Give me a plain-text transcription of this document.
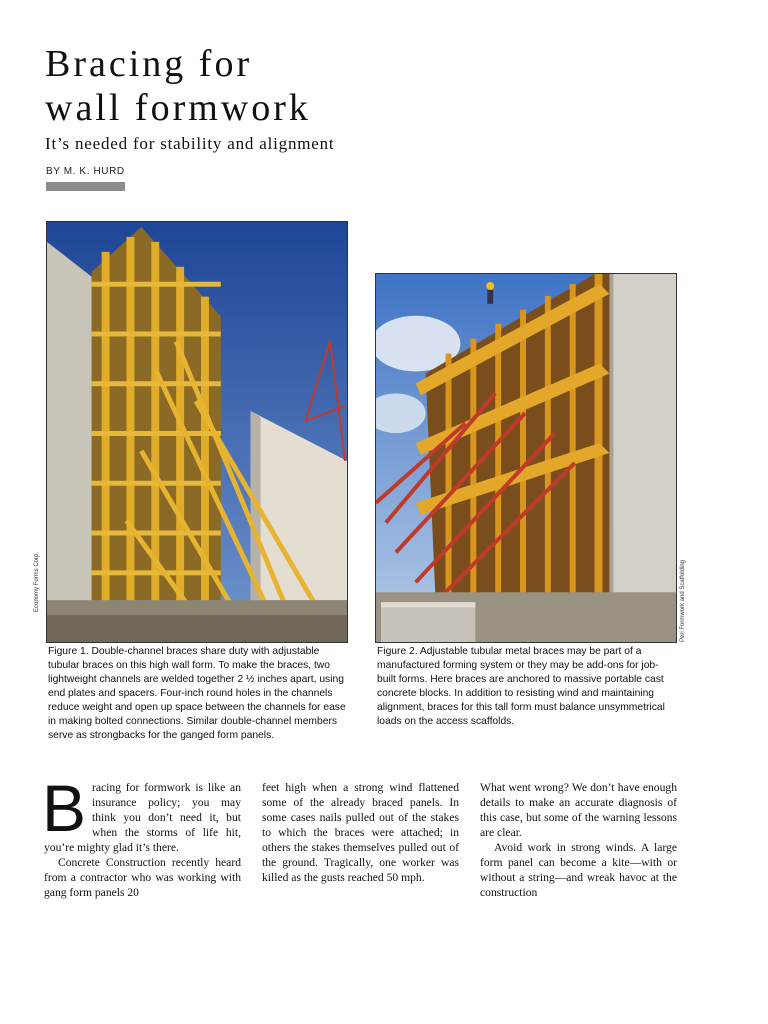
Bracing for
wall formwork

It’s needed for stability and alignment

BY M. K. HURD
Economy Forms Corp.	Peri Formwork and Scaffolding

Figure 1. Double-channel braces share duty with adjustable tubular braces on this high wall form. To make the braces, two lightweight channels are welded together 2 ½ inches apart, using end plates and spacers. Four-inch round holes in the channels reduce weight and open up space between the channels for ease in making bolted connections. Similar double-channel members serve as strongbacks for the ganged form panels.

Figure 2. Adjustable tubular metal braces may be part of a manufactured forming system or they may be add-ons for job-built forms. Here braces are anchored to massive portable cast concrete blocks. In addition to resisting wind and maintaining alignment, braces for this tall form must balance unsymmetrical loads on the access scaffolds.

B racing for formwork is like an insurance policy; you may think you don’t need it, but when the storms of life hit, you’re mighty glad it’s there.

Concrete Construction recently heard from a contractor who was working with gang form panels 20

feet high when a strong wind flattened some of the already braced panels. In some cases nails pulled out of the stakes to which the braces were attached; in others the stakes themselves pulled out of the ground. Tragically, one worker was killed as the gusts reached 50 mph.

What went wrong? We don’t have enough details to make an accurate diagnosis of this case, but some of the warning lessons are clear.

Avoid work in strong winds. A large form panel can become a kite—with or without a string—and wreak havoc at the construction
